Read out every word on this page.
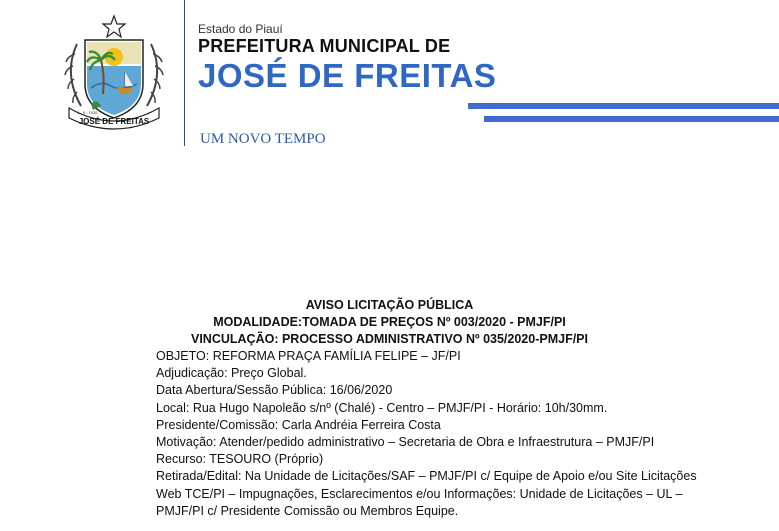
JOSÉ DE FREITAS
1 - 9 - 1926
Estado do Piauí
PREFEITURA MUNICIPAL DE
JOSÉ DE FREITAS
UM NOVO TEMPO
AVISO LICITAÇÃO PÚBLICA
MODALIDADE:TOMADA DE PREÇOS Nº 003/2020 - PMJF/PI
VINCULAÇÃO: PROCESSO ADMINISTRATIVO Nº 035/2020-PMJF/PI
OBJETO: REFORMA PRAÇA FAMÍLIA FELIPE – JF/PI
Adjudicação: Preço Global.
Data Abertura/Sessão Pública: 16/06/2020
Local: Rua Hugo Napoleão s/nº (Chalé) - Centro – PMJF/PI - Horário: 10h/30mm.
Presidente/Comissão: Carla Andréia Ferreira Costa
Motivação: Atender/pedido administrativo – Secretaria de Obra e Infraestrutura – PMJF/PI
Recurso: TESOURO (Próprio)
Retirada/Edital: Na Unidade de Licitações/SAF – PMJF/PI c/ Equipe de Apoio e/ou Site Licitações
Web TCE/PI – Impugnações, Esclarecimentos e/ou Informações: Unidade de Licitações – UL –
PMJF/PI c/ Presidente Comissão ou Membros Equipe.
